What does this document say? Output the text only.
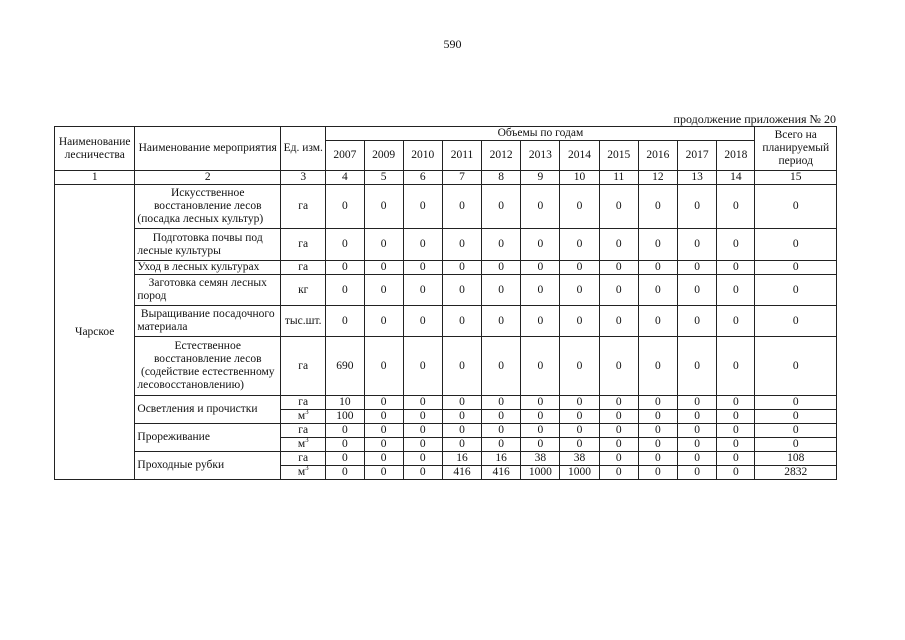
590
продолжение приложения № 20
Наименование лесничества	Наименование мероприятия	Ед. изм.	Объемы по годам											Всего на планируемый период
			2007	2009	2010	2011	2012	2013	2014	2015	2016	2017	2018	
1	2	3	4	5	6	7	8	9	10	11	12	13	14	15
Чарское	Искусственное восстановление лесов (посадка лесных культур)	га	0	0	0	0	0	0	0	0	0	0	0	0
	Подготовка почвы под лесные культуры	га	0	0	0	0	0	0	0	0	0	0	0	0
	Уход в лесных культурах	га	0	0	0	0	0	0	0	0	0	0	0	0
	Заготовка семян лесных пород	кг	0	0	0	0	0	0	0	0	0	0	0	0
	Выращивание посадочного материала	тыс.шт.	0	0	0	0	0	0	0	0	0	0	0	0
	Естественное восстановление лесов (содействие естественному лесовосстановлению)	га	690	0	0	0	0	0	0	0	0	0	0	0
	Осветления и прочистки	га	10	0	0	0	0	0	0	0	0	0	0	0
		$м^3$	100	0	0	0	0	0	0	0	0	0	0	0
	Прореживание	га	0	0	0	0	0	0	0	0	0	0	0	0
		$м^3$	0	0	0	0	0	0	0	0	0	0	0	0
	Проходные рубки	га	0	0	0	16	16	38	38	0	0	0	0	108
		$м^3$	0	0	0	416	416	1000	1000	0	0	0	0	2832
